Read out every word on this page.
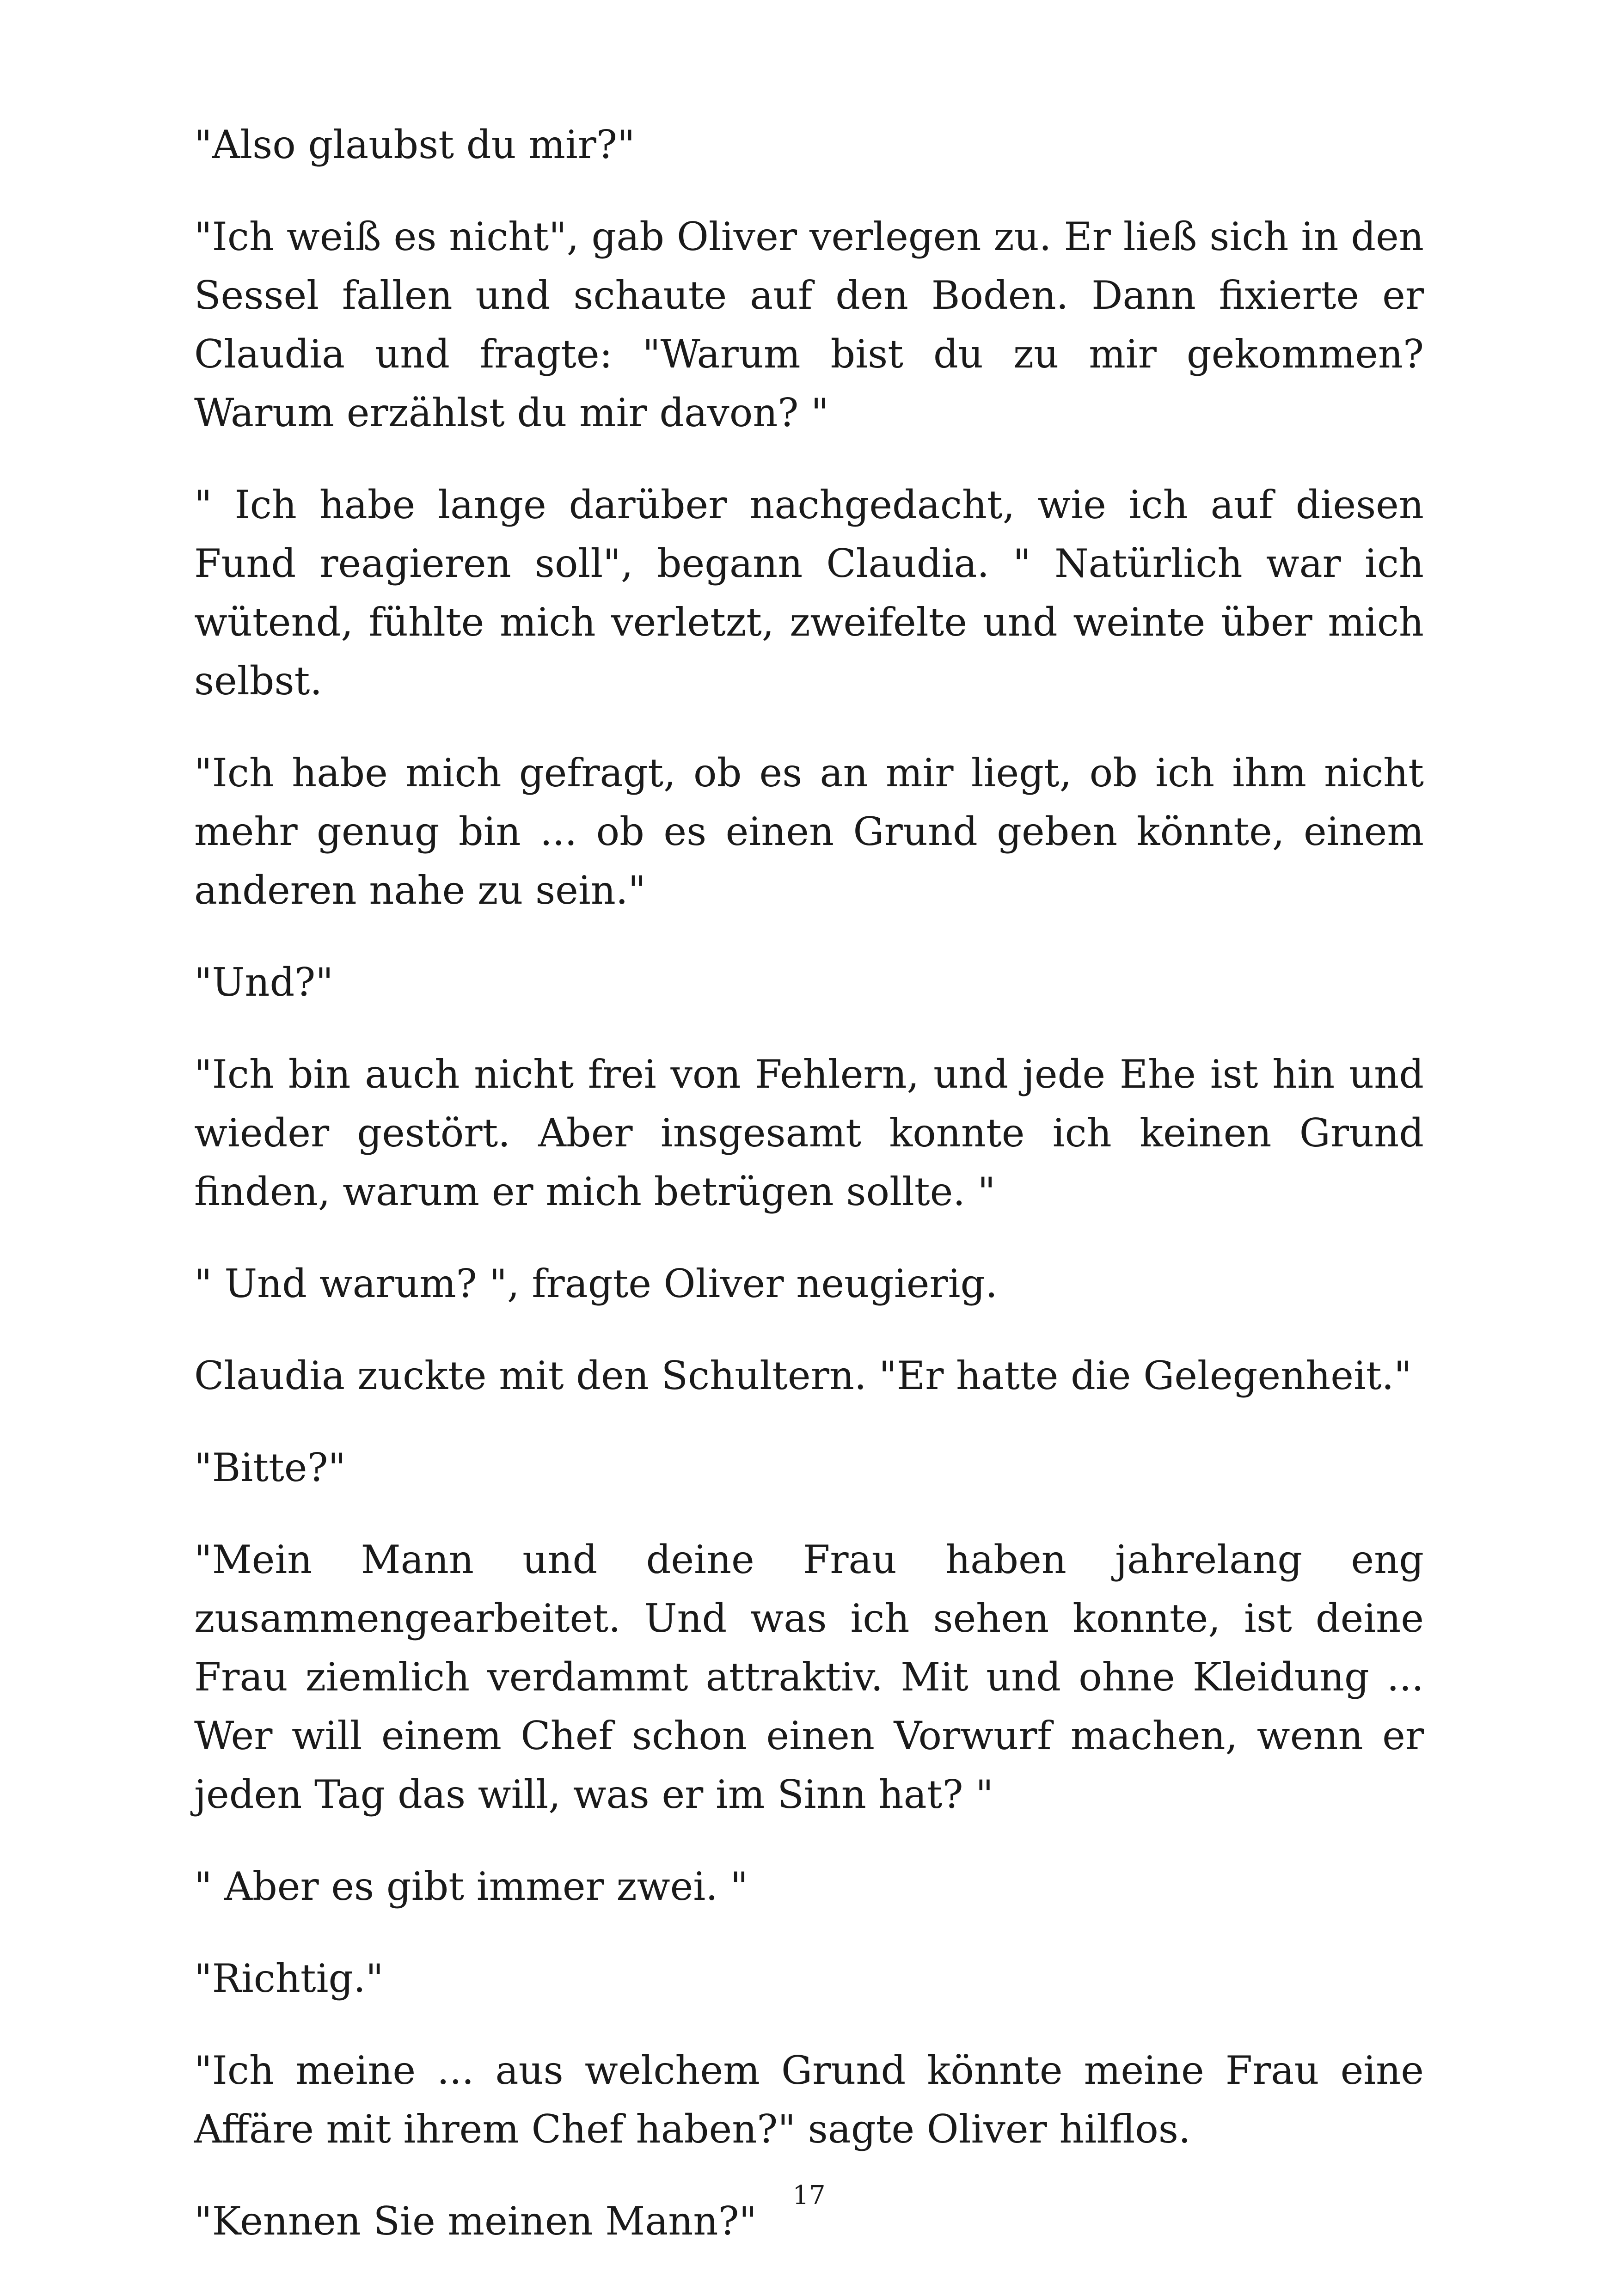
"Also glaubst du mir?"

"Ich weiß es nicht", gab Oliver verlegen zu. Er ließ sich in den Sessel fallen und schaute auf den Boden. Dann fixierte er Claudia und fragte: "Warum bist du zu mir gekommen? Warum erzählst du mir davon? "

" Ich habe lange darüber nachgedacht, wie ich auf diesen Fund reagieren soll", begann Claudia. " Natürlich war ich wütend, fühlte mich verletzt, zweifelte und weinte über mich selbst.

"Ich habe mich gefragt, ob es an mir liegt, ob ich ihm nicht mehr genug bin ... ob es einen Grund geben könnte, einem anderen nahe zu sein."

"Und?"

"Ich bin auch nicht frei von Fehlern, und jede Ehe ist hin und wieder gestört. Aber insgesamt konnte ich keinen Grund finden, warum er mich betrügen sollte. "

" Und warum? ", fragte Oliver neugierig.

Claudia zuckte mit den Schultern. "Er hatte die Gelegenheit."

"Bitte?"

"Mein Mann und deine Frau haben jahrelang eng zusammengearbeitet. Und was ich sehen konnte, ist deine Frau ziemlich verdammt attraktiv. Mit und ohne Kleidung ... Wer will einem Chef schon einen Vorwurf machen, wenn er jeden Tag das will, was er im Sinn hat? "

" Aber es gibt immer zwei. "

"Richtig."

"Ich meine ... aus welchem Grund könnte meine Frau eine Affäre mit ihrem Chef haben?" sagte Oliver hilflos.

"Kennen Sie meinen Mann?"

17
